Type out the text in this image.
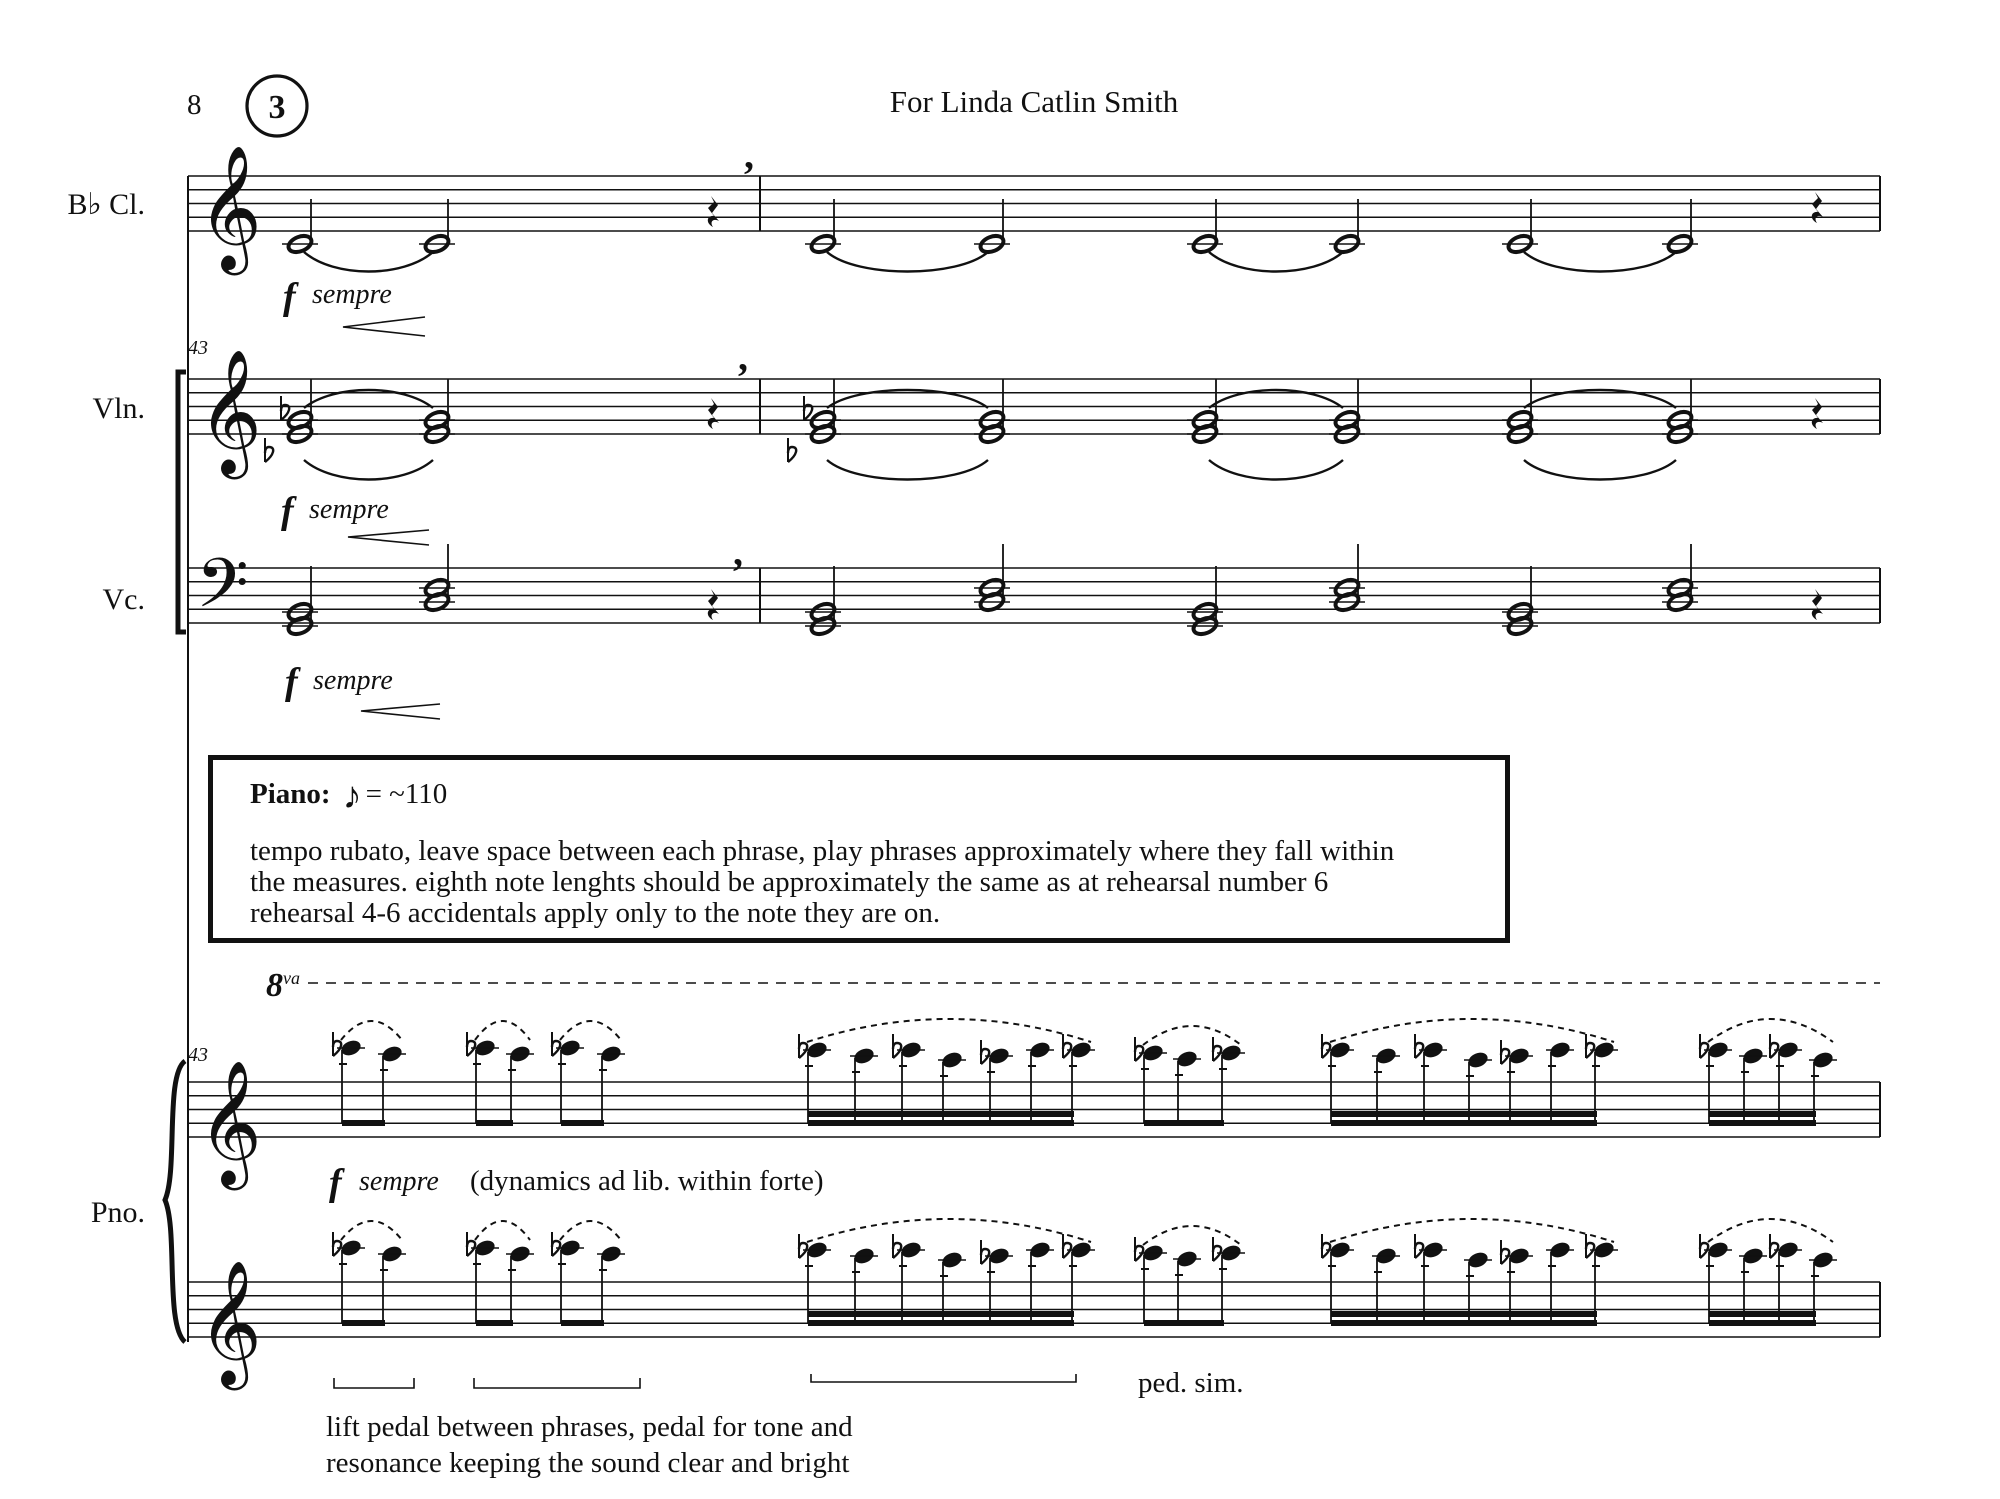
8 3	For Linda Catlin Smith
B♭ Cl.
Vln.
Vc.
Pno.
𝄞
𝄞
𝄢
𝄞
𝄞
43
43
,
,
,
f sempre
f sempre
f sempre
f sempre (dynamics ad lib. within forte)
$8^{va}$
Piano: ♪ = ~110
tempo rubato, leave space between each phrase, play phrases approximately where they fall within
the measures. eighth note lenghts should be approximately the same as at rehearsal number 6
rehearsal 4-6 accidentals apply only to the note they are on.
ped. sim.
lift pedal between phrases, pedal for tone and
resonance keeping the sound clear and bright
